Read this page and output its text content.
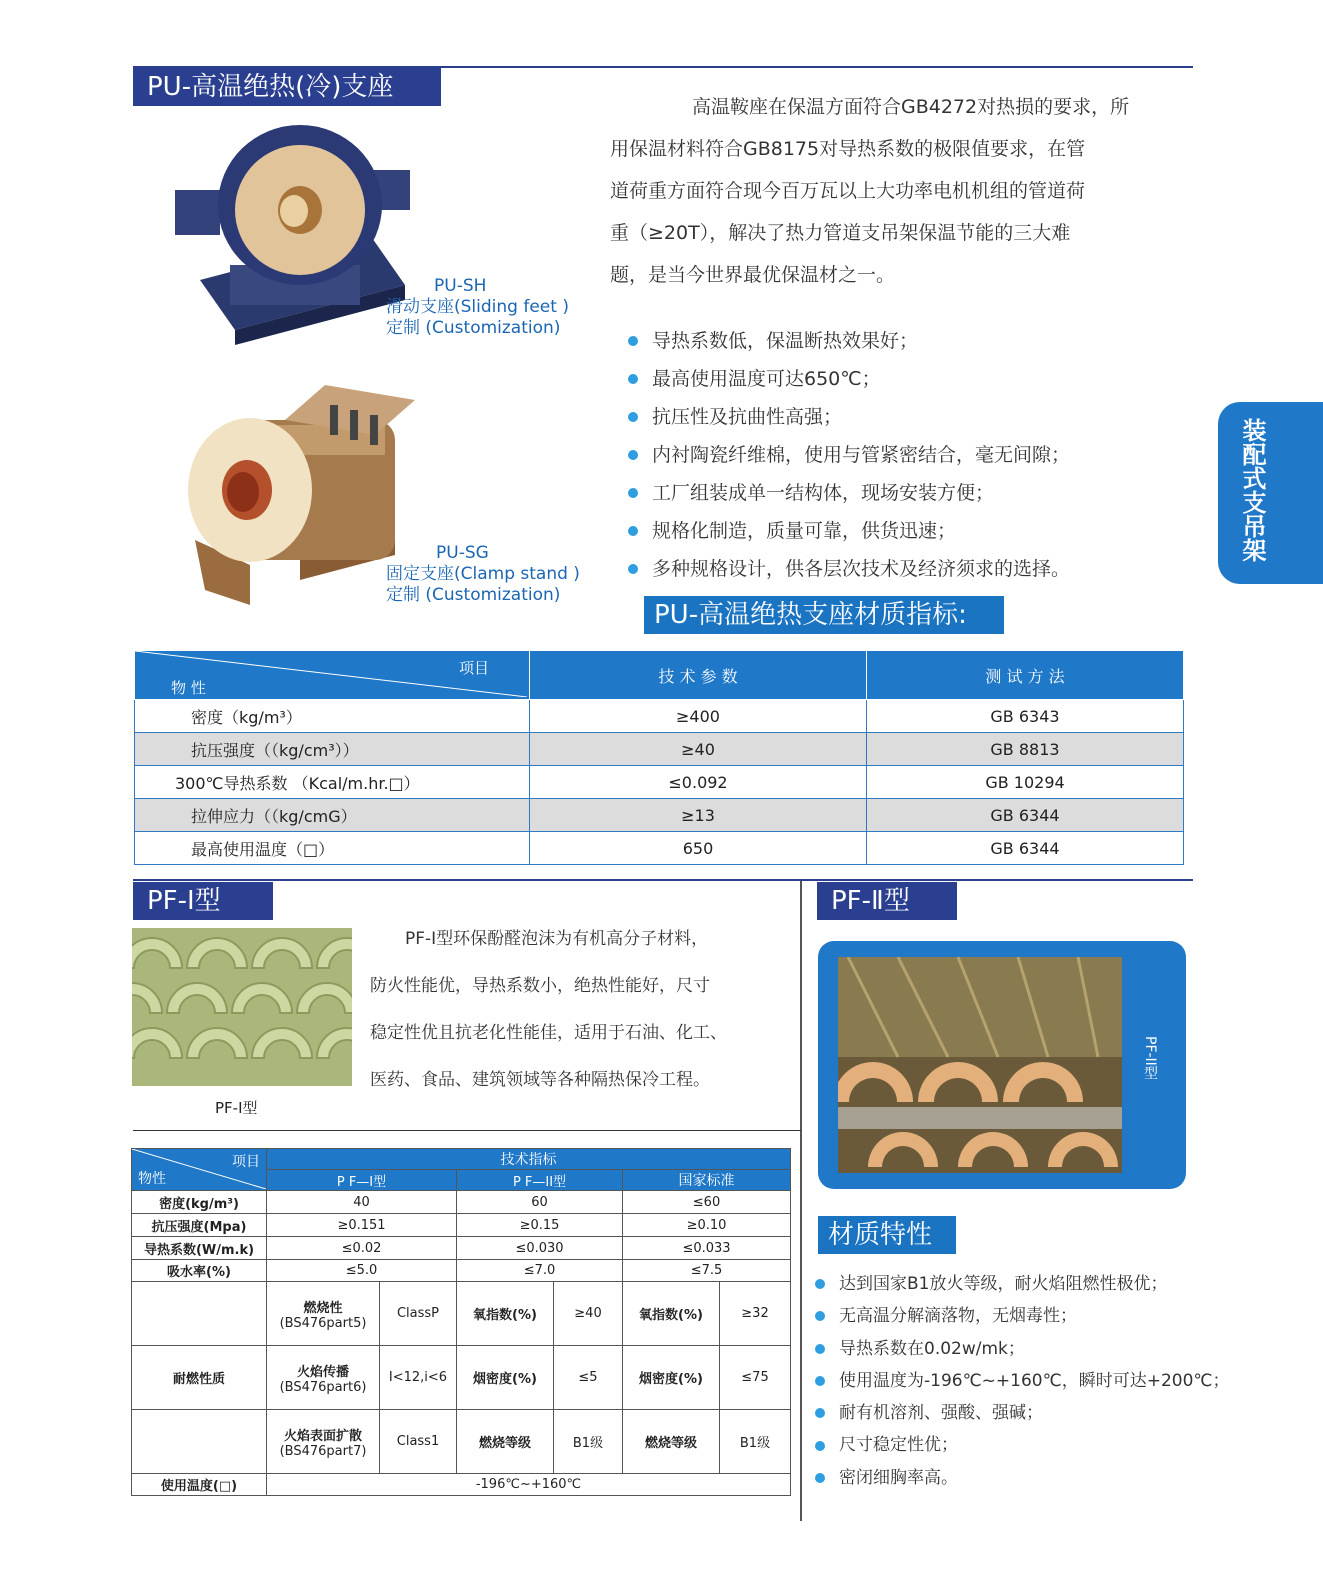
PU-高温绝热(冷)支座
PU-SH
滑动支座(Sliding feet )
定制 (Customization)
PU-SG
固定支座(Clamp stand )
定制 (Customization)
高温鞍座在保温方面符合GB4272对热损的要求，所
用保温材料符合GB8175对导热系数的极限值要求，在管
道荷重方面符合现今百万瓦以上大功率电机机组的管道荷
重（≥20T），解决了热力管道支吊架保温节能的三大难
题，是当今世界最优保温材之一。
导热系数低，保温断热效果好；
最高使用温度可达650℃；
抗压性及抗曲性高强；
内衬陶瓷纤维棉，使用与管紧密结合，毫无间隙；
工厂组装成单一结构体，现场安装方便；
规格化制造，质量可靠，供货迅速；
多种规格设计，供各层次技术及经济须求的选择。
装配式支吊架
PU-高温绝热支座材质指标:
项目
物 性	技 术 参 数	测 试 方 法
密度（kg/m³）	≥400	GB 6343
抗压强度（（kg/cm³））	≥40	GB 8813
300℃导热系数 （Kcal/m.hr.□）	≤0.092	GB 10294
拉伸应力（（kg/cmG）	≥13	GB 6344
最高使用温度（□）	650	GB 6344
PF-Ⅰ型
PF-I型
PF-I型环保酚醛泡沫为有机高分子材料，
防火性能优，导热系数小，绝热性能好，尺寸
稳定性优且抗老化性能佳，适用于石油、化工、
医药、食品、建筑领域等各种隔热保冷工程。
项目
物性	技术指标					
	P F—I型		P F—II型		国家标准	
密度(kg/m³)	40		60		≤60	
抗压强度(Mpa)	≥0.151		≥0.15		≥0.10	
导热系数(W/m.k)	≤0.02		≤0.030		≤0.033	
吸水率(%)	≤5.0		≤7.0		≤7.5	

	燃烧性
(BS476part5)	ClassP	氧指数(%)	≥40	氧指数(%)	≥32
耐燃性质	火焰传播
(BS476part6)	I<12,i<6	烟密度(%)	≤5	烟密度(%)	≤75

	火焰表面扩散
(BS476part7)	Class1	燃烧等级	B1级	燃烧等级	B1级
使用温度(□)	-196℃~+160℃					
PF-Ⅱ型
PF-II型
材质特性
达到国家B1放火等级，耐火焰阻燃性极优；
无高温分解滴落物，无烟毒性；
导热系数在0.02w/mk；
使用温度为-196℃~+160℃，瞬时可达+200℃；
耐有机溶剂、强酸、强碱；
尺寸稳定性优；
密闭细胸率高。
